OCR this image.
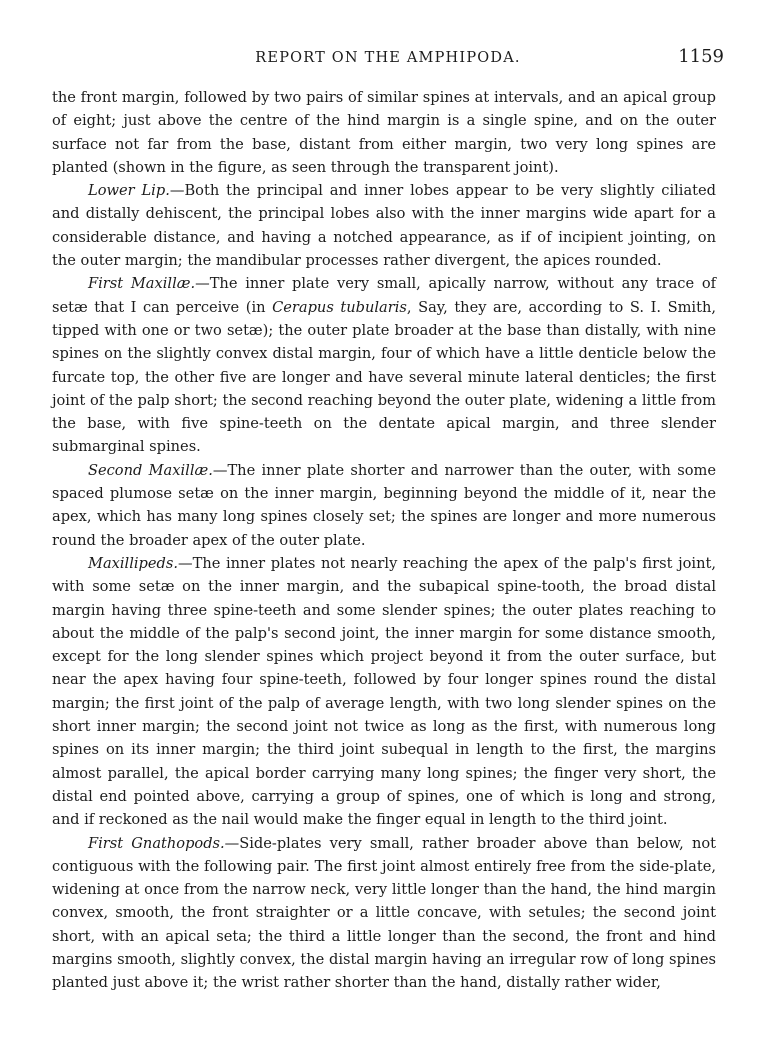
REPORT ON THE AMPHIPODA.	1159

the front margin, followed by two pairs of similar spines at intervals, and an apical group of eight; just above the centre of the hind margin is a single spine, and on the outer surface not far from the base, distant from either margin, two very long spines are planted (shown in the figure, as seen through the transparent joint).

Lower Lip.—Both the principal and inner lobes appear to be very slightly ciliated and distally dehiscent, the principal lobes also with the inner margins wide apart for a considerable distance, and having a notched appearance, as if of incipient jointing, on the outer margin; the mandibular processes rather divergent, the apices rounded.

First Maxillæ.—The inner plate very small, apically narrow, without any trace of setæ that I can perceive (in Cerapus tubularis, Say, they are, according to S. I. Smith, tipped with one or two setæ); the outer plate broader at the base than distally, with nine spines on the slightly convex distal margin, four of which have a little denticle below the furcate top, the other five are longer and have several minute lateral denticles; the first joint of the palp short; the second reaching beyond the outer plate, widening a little from the base, with five spine-teeth on the dentate apical margin, and three slender submarginal spines.

Second Maxillæ.—The inner plate shorter and narrower than the outer, with some spaced plumose setæ on the inner margin, beginning beyond the middle of it, near the apex, which has many long spines closely set; the spines are longer and more numerous round the broader apex of the outer plate.

Maxillipeds.—The inner plates not nearly reaching the apex of the palp's first joint, with some setæ on the inner margin, and the subapical spine-tooth, the broad distal margin having three spine-teeth and some slender spines; the outer plates reaching to about the middle of the palp's second joint, the inner margin for some distance smooth, except for the long slender spines which project beyond it from the outer surface, but near the apex having four spine-teeth, followed by four longer spines round the distal margin; the first joint of the palp of average length, with two long slender spines on the short inner margin; the second joint not twice as long as the first, with numerous long spines on its inner margin; the third joint subequal in length to the first, the margins almost parallel, the apical border carrying many long spines; the finger very short, the distal end pointed above, carrying a group of spines, one of which is long and strong, and if reckoned as the nail would make the finger equal in length to the third joint.

First Gnathopods.—Side-plates very small, rather broader above than below, not contiguous with the following pair. The first joint almost entirely free from the side-plate, widening at once from the narrow neck, very little longer than the hand, the hind margin convex, smooth, the front straighter or a little concave, with setules; the second joint short, with an apical seta; the third a little longer than the second, the front and hind margins smooth, slightly convex, the distal margin having an irregular row of long spines planted just above it; the wrist rather shorter than the hand, distally rather wider,
